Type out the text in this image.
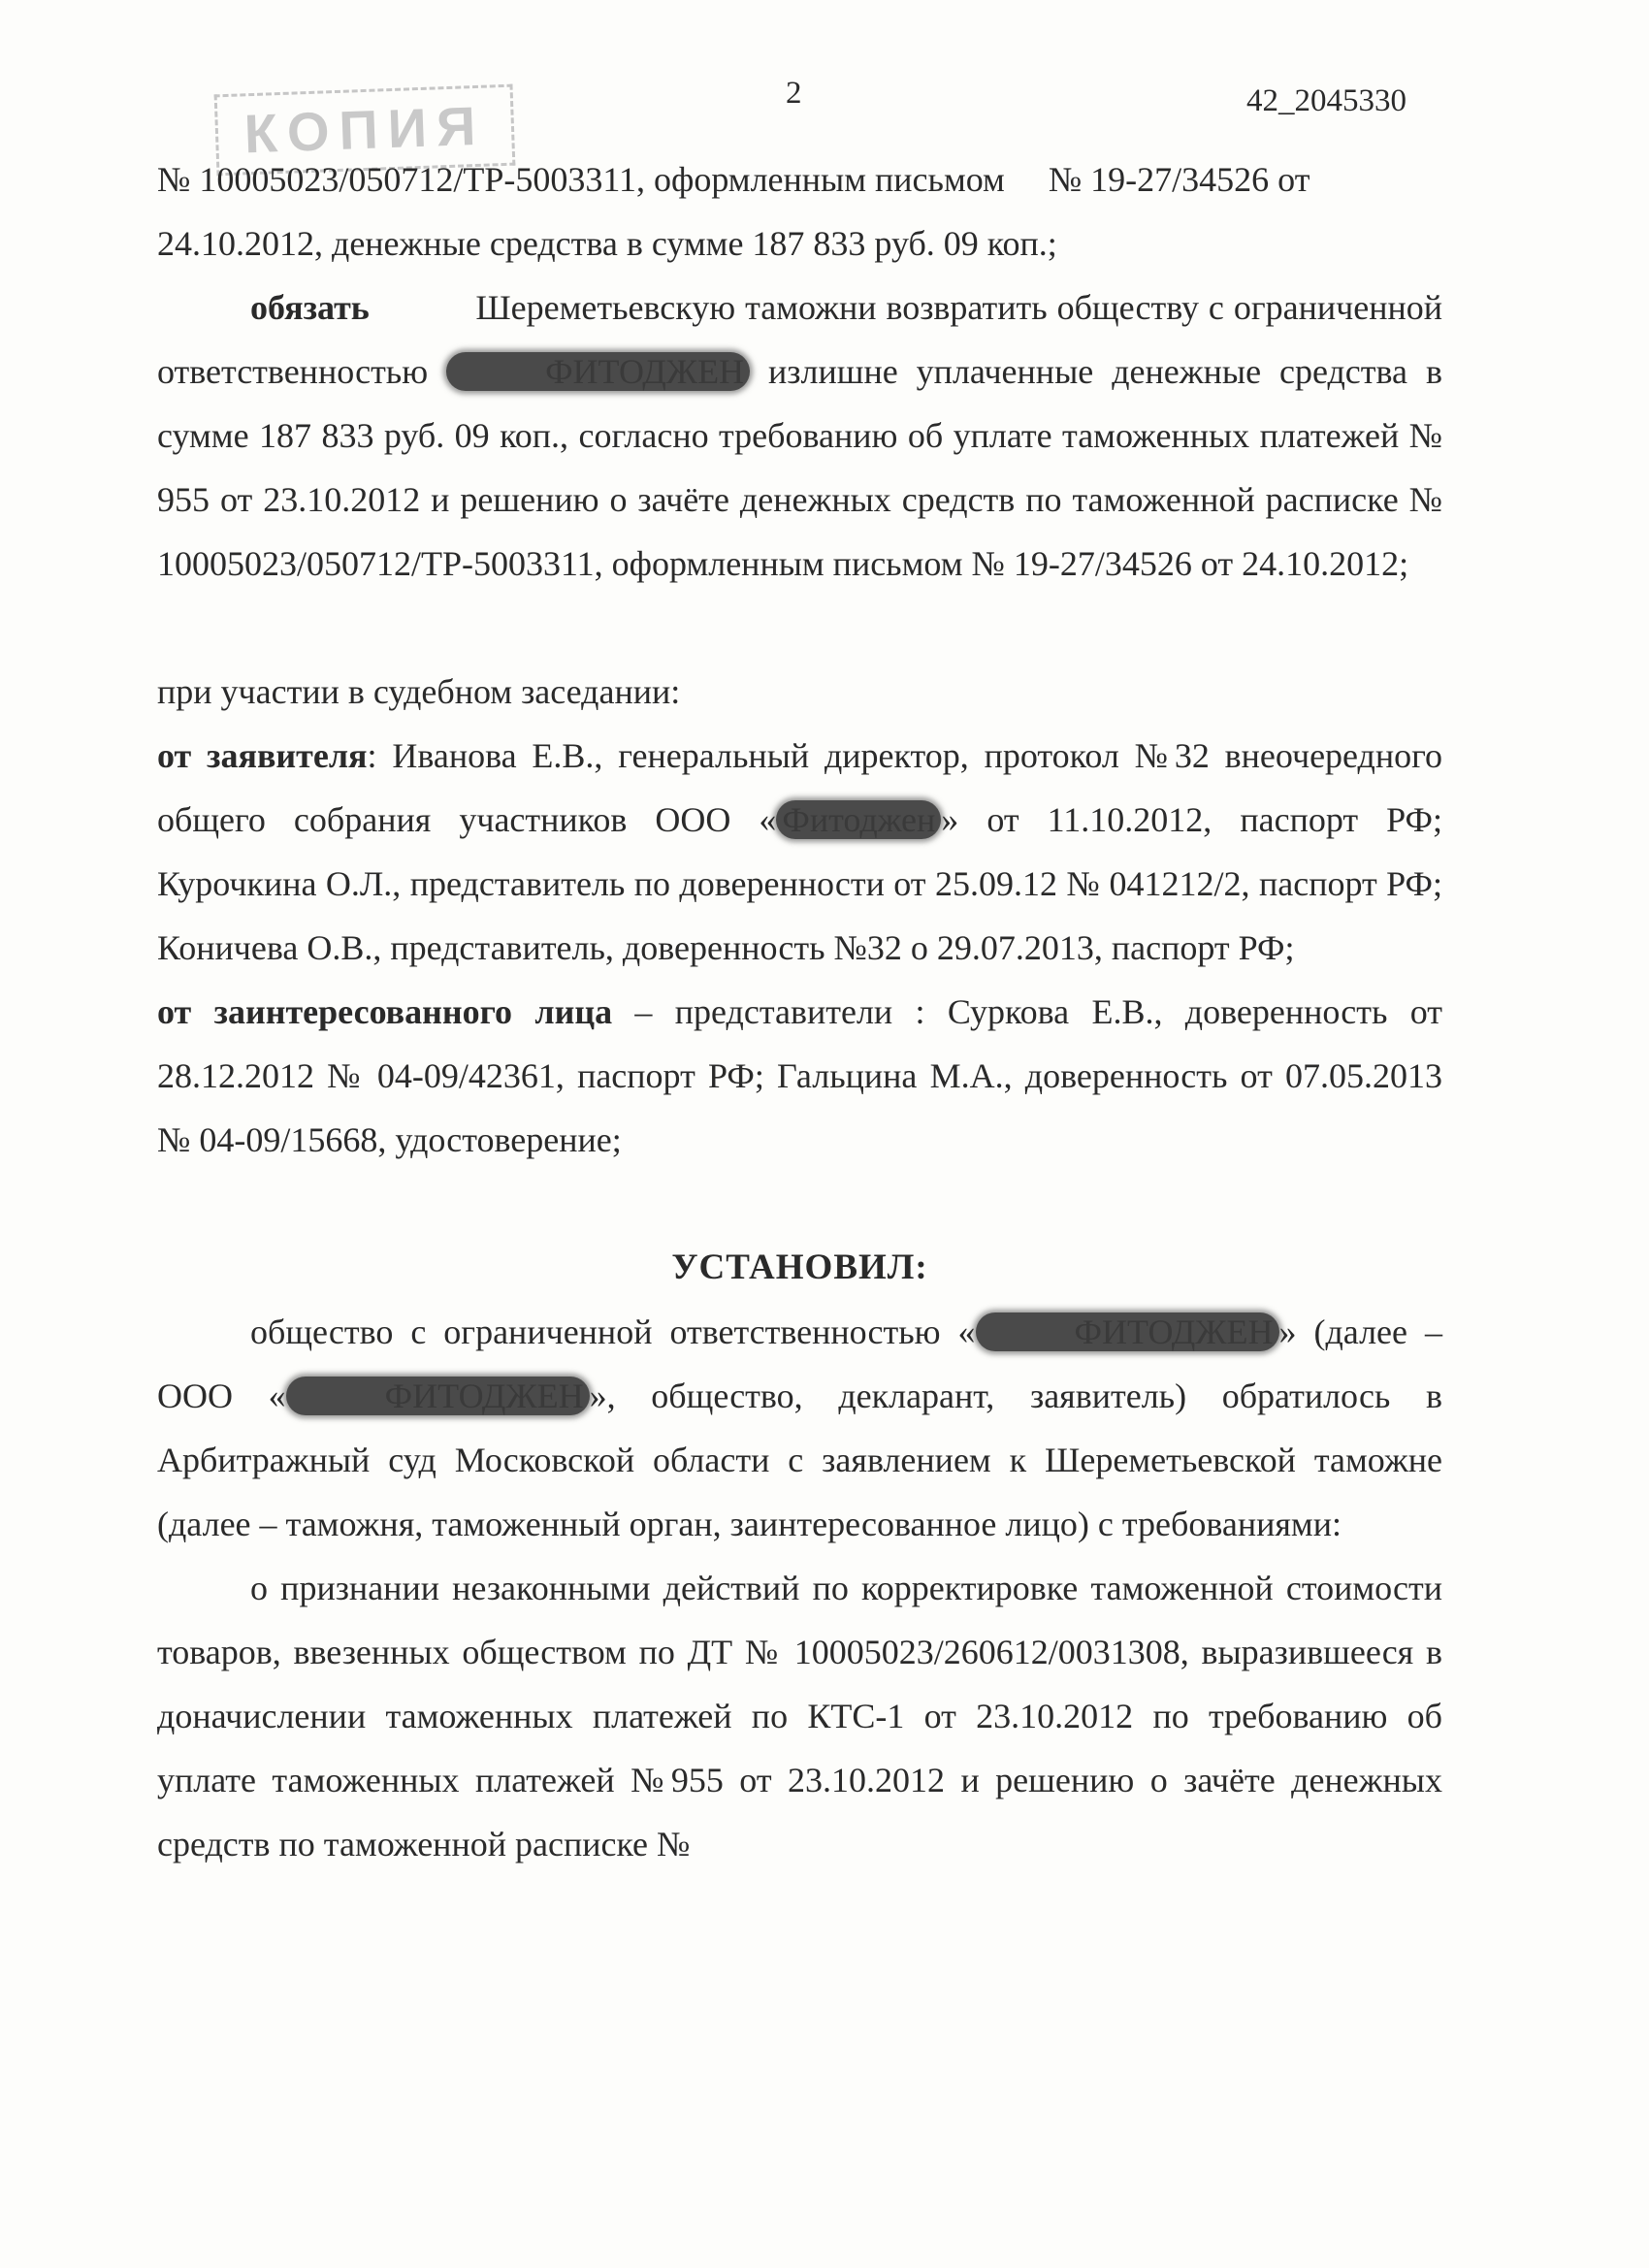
КОПИЯ
2	42_2045330

№ 10005023/050712/ТР-5003311, оформленным письмом № 19-27/34526 от
24.10.2012, денежные средства в сумме 187 833 руб. 09 коп.;

обязать	Шереметьевскую таможни возвратить обществу с ограниченной ответственностью	ФИТОДЖЕН излишне уплаченные денежные средства в сумме 187 833 руб. 09 коп., согласно требованию об уплате таможенных платежей № 955 от 23.10.2012 и решению о зачёте денежных средств по таможенной расписке № 10005023/050712/ТР-5003311, оформленным письмом № 19-27/34526 от 24.10.2012;

при участии в судебном заседании:

от заявителя: Иванова Е.В., генеральный директор, протокол №32 внеочередного общего собрания участников ООО « Фитоджен » от 11.10.2012, паспорт РФ; Курочкина О.Л., представитель по доверенности от 25.09.12 № 041212/2, паспорт РФ; Коничева О.В., представитель, доверенность №32 о 29.07.2013, паспорт РФ;

от заинтересованного лица – представители : Суркова Е.В., доверенность от 28.12.2012 № 04-09/42361, паспорт РФ; Гальцина М.А., доверенность от 07.05.2013 № 04-09/15668, удостоверение;

УСТАНОВИЛ:

общество с ограниченной ответственностью «	ФИТОДЖЕН » (далее – ООО «	ФИТОДЖЕН », общество, декларант, заявитель) обратилось в Арбитражный суд Московской области с заявлением к Шереметьевской таможне (далее – таможня, таможенный орган, заинтересованное лицо) с требованиями:

о признании незаконными действий по корректировке таможенной стоимости товаров, ввезенных обществом по ДТ № 10005023/260612/0031308, выразившееся в доначислении таможенных платежей по КТС-1 от 23.10.2012 по требованию об уплате таможенных платежей №955 от 23.10.2012 и решению о зачёте денежных средств по таможенной расписке №
